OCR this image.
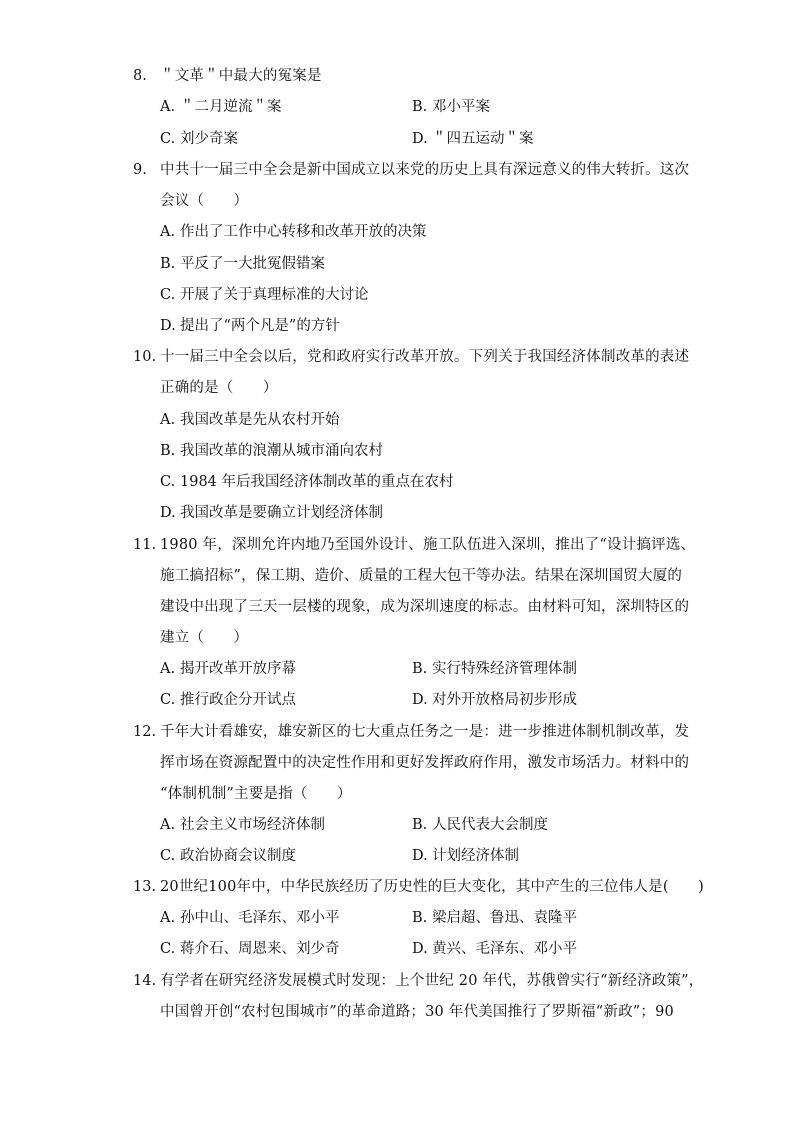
8. ＂文革＂中最大的冤案是
A. ＂二月逆流＂案	B. 邓小平案
C. 刘少奇案	D. ＂四五运动＂案
9. 中共十一届三中全会是新中国成立以来党的历史上具有深远意义的伟大转折。这次
会议（　　）
A. 作出了工作中心转移和改革开放的决策
B. 平反了一大批冤假错案
C. 开展了关于真理标准的大讨论
D. 提出了“两个凡是”的方针
10. 十一届三中全会以后，党和政府实行改革开放。下列关于我国经济体制改革的表述
正确的是（　　）
A. 我国改革是先从农村开始
B. 我国改革的浪潮从城市涌向农村
C. 1984 年后我国经济体制改革的重点在农村
D. 我国改革是要确立计划经济体制
11. 1980 年，深圳允许内地乃至国外设计、施工队伍进入深圳，推出了“设计搞评选、
施工搞招标”，保工期、造价、质量的工程大包干等办法。结果在深圳国贸大厦的
建设中出现了三天一层楼的现象，成为深圳速度的标志。由材料可知，深圳特区的
建立（　　）
A. 揭开改革开放序幕	B. 实行特殊经济管理体制
C. 推行政企分开试点	D. 对外开放格局初步形成
12. 千年大计看雄安，雄安新区的七大重点任务之一是：进一步推进体制机制改革，发
挥市场在资源配置中的决定性作用和更好发挥政府作用，激发市场活力。材料中的
“体制机制”主要是指（　　）
A. 社会主义市场经济体制	B. 人民代表大会制度
C. 政治协商会议制度	D. 计划经济体制
13. 20世纪100年中，中华民族经历了历史性的巨大变化，其中产生的三位伟人是(　　)
A. 孙中山、毛泽东、邓小平	B. 梁启超、鲁迅、袁隆平
C. 蒋介石、周恩来、刘少奇	D. 黄兴、毛泽东、邓小平
14. 有学者在研究经济发展模式时发现：上个世纪 20 年代，苏俄曾实行“新经济政策”，
中国曾开创“农村包围城市”的革命道路；30 年代美国推行了罗斯福“新政”；90
